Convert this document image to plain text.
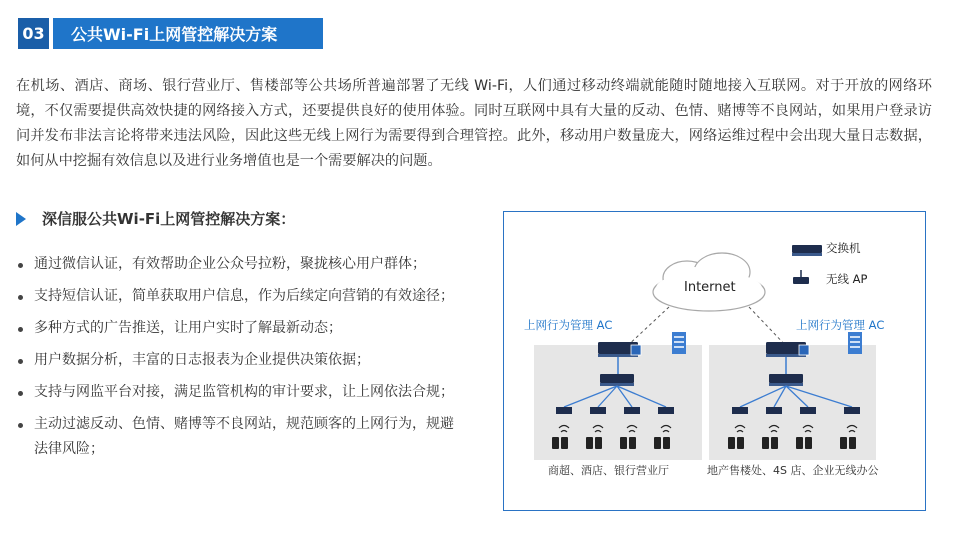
03	公共Wi-Fi上网管控解决方案
在机场、酒店、商场、银行营业厅、售楼部等公共场所普遍部署了无线 Wi-Fi，人们通过移动终端就能随时随地接入互联网。对于开放的网络环境，不仅需要提供高效快捷的网络接入方式，还要提供良好的使用体验。同时互联网中具有大量的反动、色情、赌博等不良网站，如果用户登录访问并发布非法言论将带来违法风险，因此这些无线上网行为需要得到合理管控。此外，移动用户数量庞大，网络运维过程中会出现大量日志数据，如何从中挖掘有效信息以及进行业务增值也是一个需要解决的问题。
深信服公共Wi-Fi上网管控解决方案：
通过微信认证，有效帮助企业公众号拉粉，聚拢核心用户群体；
支持短信认证，简单获取用户信息，作为后续定向营销的有效途径；
多种方式的广告推送，让用户实时了解最新动态；
用户数据分析，丰富的日志报表为企业提供决策依据；
支持与网监平台对接，满足监管机构的审计要求，让上网依法合规；
主动过滤反动、色情、赌博等不良网站，规范顾客的上网行为，规避法律风险；
Internet
交换机
无线 AP
上网行为管理 AC	上网行为管理 AC
商超、酒店、银行营业厅	地产售楼处、4S 店、企业无线办公
